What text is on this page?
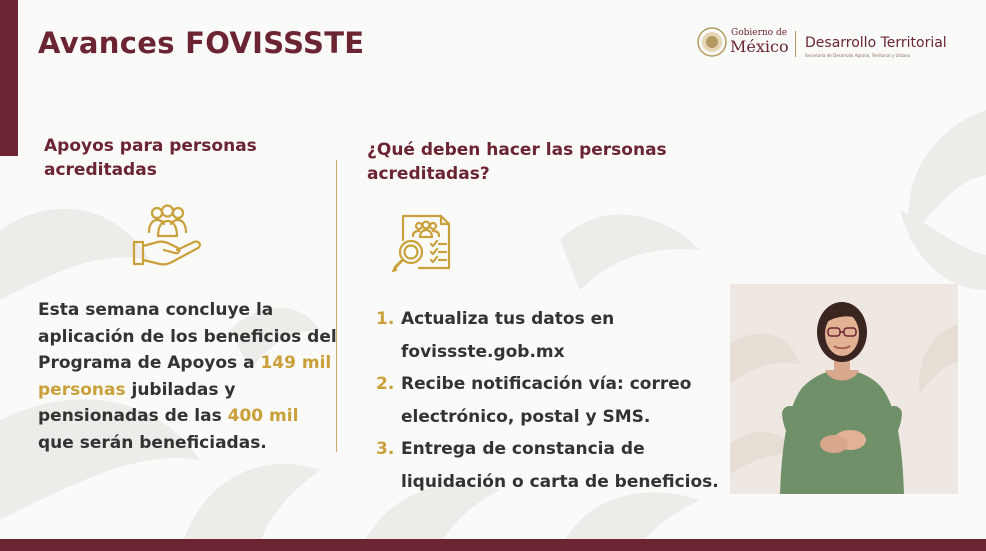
Avances FOVISSSTE	Gobierno de
México Desarrollo Territorial
Secretaría de Desarrollo Agrario, Territorial y Urbano
Apoyos para personas acreditadas
¿Qué deben hacer las personas acreditadas?
Esta semana concluye la aplicación de los beneficios del Programa de Apoyos a 149 mil personas jubiladas y pensionadas de las 400 mil que serán beneficiadas.
1. Actualiza tus datos en
fovissste.gob.mx
2. Recibe notificación vía: correo
electrónico, postal y SMS.
3. Entrega de constancia de
liquidación o carta de beneficios.
